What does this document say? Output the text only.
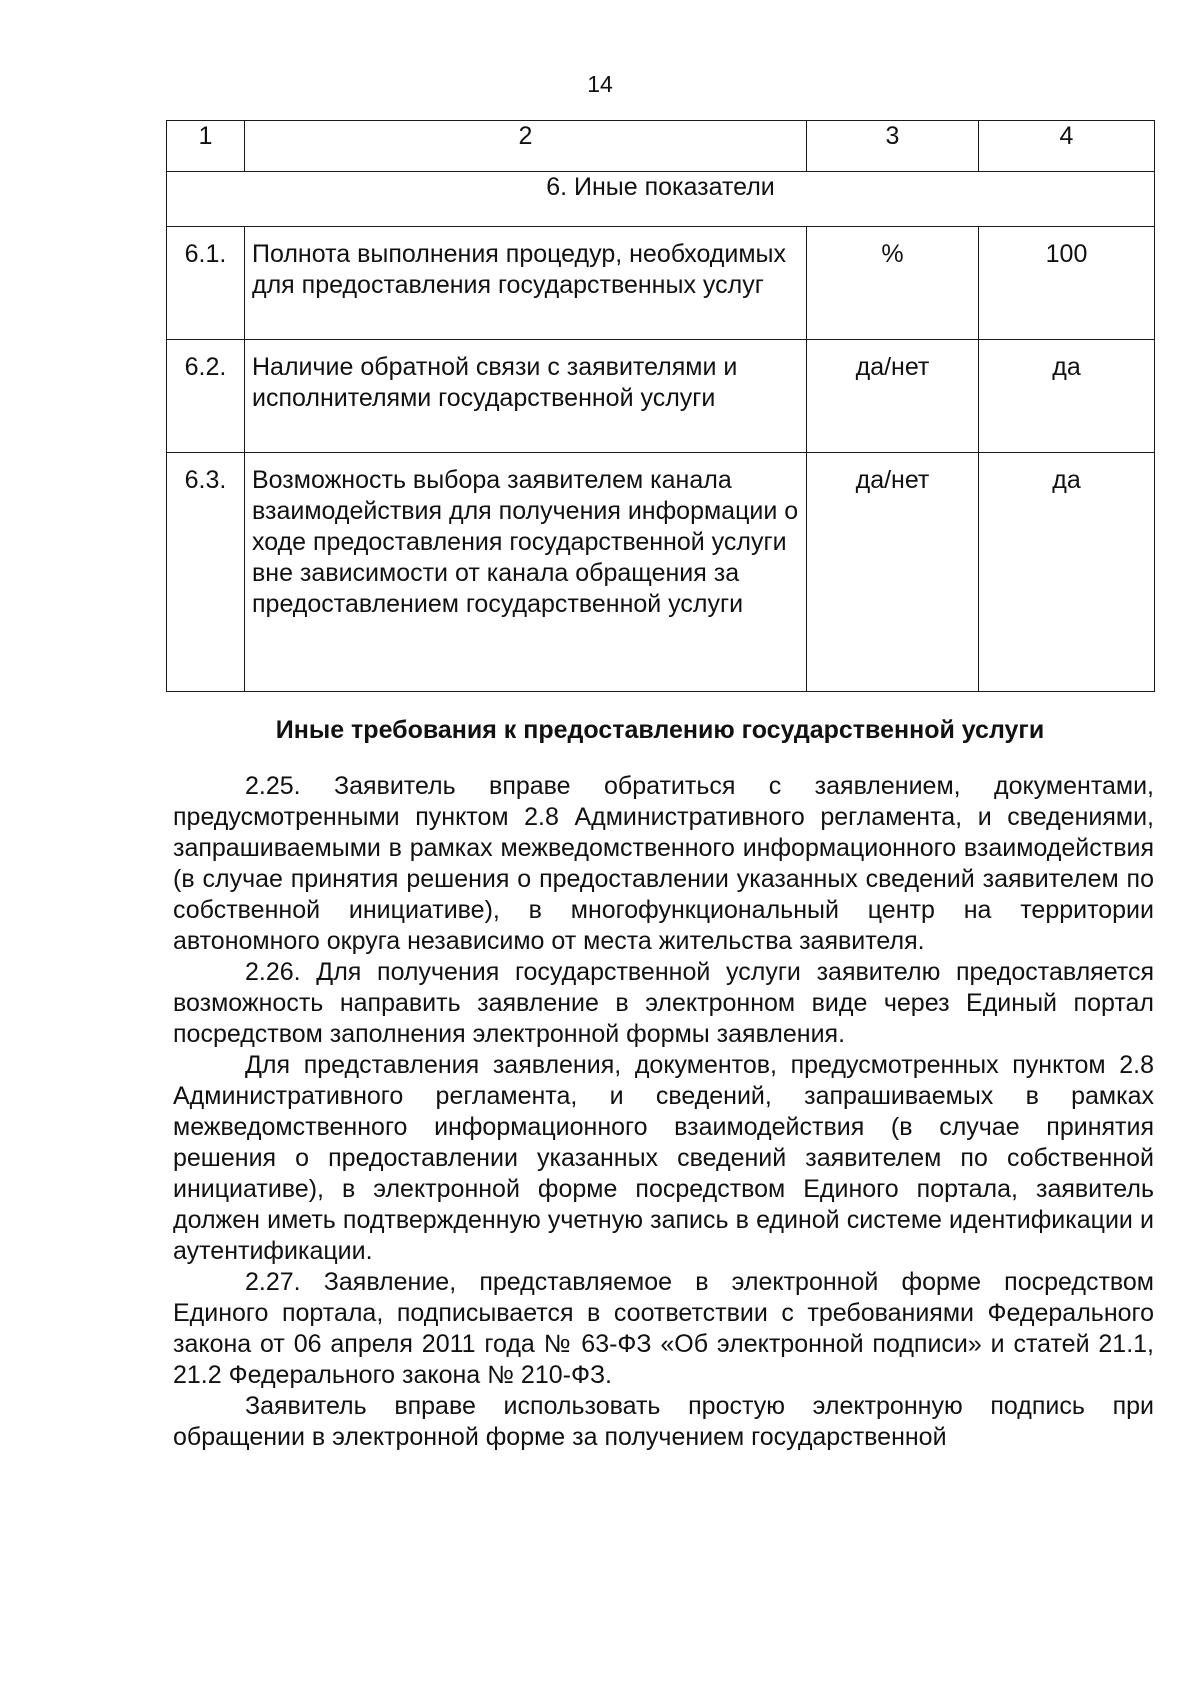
14
1	2	3	4
6. Иные показатели			
6.1.	Полнота выполнения процедур, необходимых для предоставления государственных услуг	%	100
6.2.	Наличие обратной связи с заявителями и исполнителями государственной услуги	да/нет	да
6.3.	Возможность выбора заявителем канала взаимодействия для получения информации о ходе предоставления государственной услуги вне зависимости от канала обращения за предоставлением государственной услуги	да/нет	да
Иные требования к предоставлению государственной услуги

2.25. Заявитель вправе обратиться с заявлением, документами, предусмотренными пунктом 2.8 Административного регламента, и сведениями, запрашиваемыми в рамках межведомственного информационного взаимодействия (в случае принятия решения о предоставлении указанных сведений заявителем по собственной инициативе), в многофункциональный центр на территории автономного округа независимо от места жительства заявителя.

2.26. Для получения государственной услуги заявителю предоставляется возможность направить заявление в электронном виде через Единый портал посредством заполнения электронной формы заявления.

Для представления заявления, документов, предусмотренных пунктом 2.8 Административного регламента, и сведений, запрашиваемых в рамках межведомственного информационного взаимодействия (в случае принятия решения о предоставлении указанных сведений заявителем по собственной инициативе), в электронной форме посредством Единого портала, заявитель должен иметь подтвержденную учетную запись в единой системе идентификации и аутентификации.

2.27. Заявление, представляемое в электронной форме посредством Единого портала, подписывается в соответствии с требованиями Федерального закона от 06 апреля 2011 года № 63-ФЗ «Об электронной подписи» и статей 21.1, 21.2 Федерального закона № 210-ФЗ.

Заявитель вправе использовать простую электронную подпись при обращении в электронной форме за получением государственной
